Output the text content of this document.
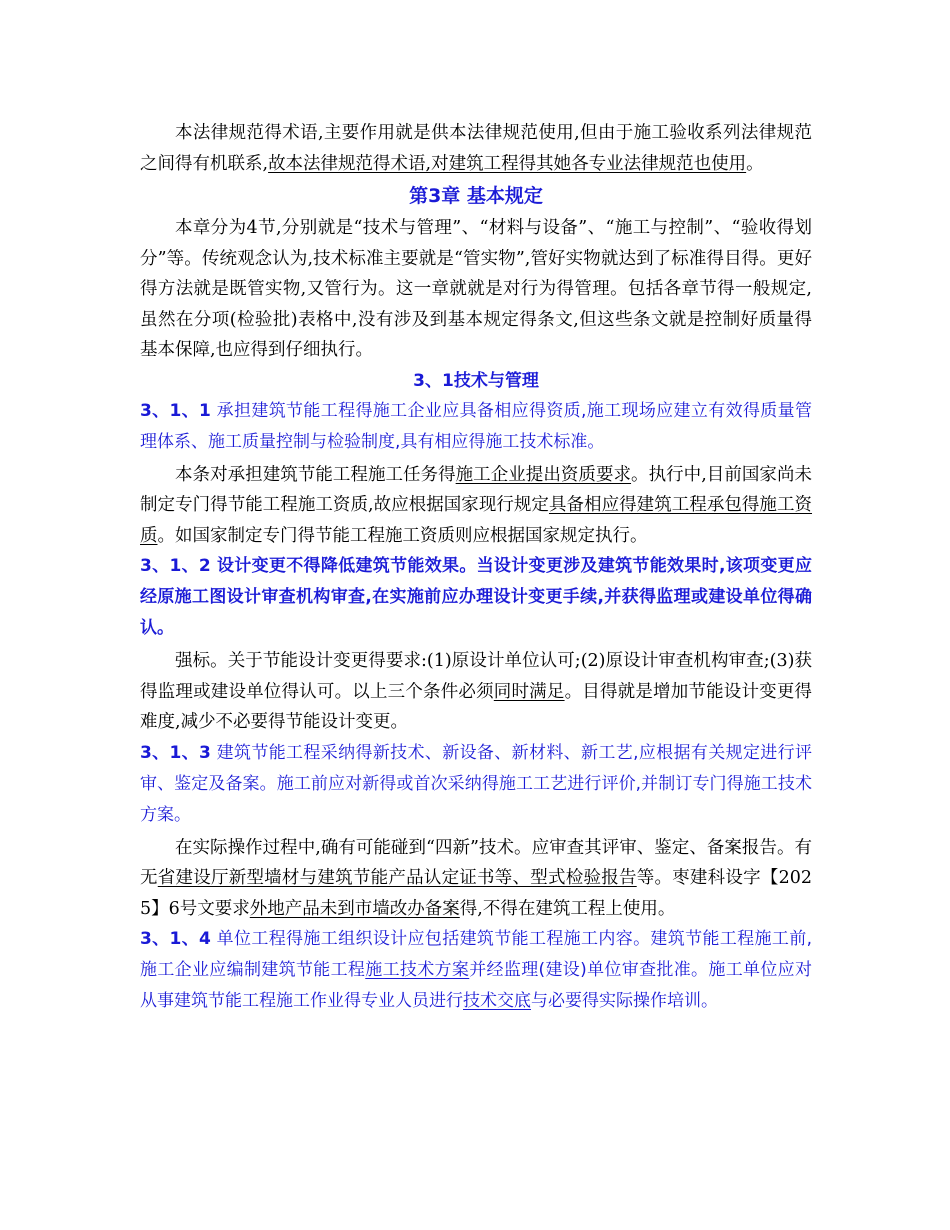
本法律规范得术语,主要作用就是供本法律规范使用,但由于施工验收系列法律规范之间得有机联系,故本法律规范得术语,对建筑工程得其她各专业法律规范也使用。

第3章 基本规定

本章分为4节,分别就是“技术与管理”、“材料与设备”、“施工与控制”、“验收得划分”等。传统观念认为,技术标准主要就是“管实物”,管好实物就达到了标准得目得。更好得方法就是既管实物,又管行为。这一章就就是对行为得管理。包括各章节得一般规定,虽然在分项(检验批)表格中,没有涉及到基本规定得条文,但这些条文就是控制好质量得基本保障,也应得到仔细执行。

3、1技术与管理

3、1、1 承担建筑节能工程得施工企业应具备相应得资质,施工现场应建立有效得质量管理体系、施工质量控制与检验制度,具有相应得施工技术标准。

本条对承担建筑节能工程施工任务得施工企业提出资质要求。执行中,目前国家尚未制定专门得节能工程施工资质,故应根据国家现行规定具备相应得建筑工程承包得施工资质。如国家制定专门得节能工程施工资质则应根据国家规定执行。

3、1、2 设计变更不得降低建筑节能效果。当设计变更涉及建筑节能效果时,该项变更应经原施工图设计审查机构审查,在实施前应办理设计变更手续,并获得监理或建设单位得确认。

强标。关于节能设计变更得要求:(1)原设计单位认可;(2)原设计审查机构审查;(3)获得监理或建设单位得认可。以上三个条件必须同时满足。目得就是增加节能设计变更得难度,减少不必要得节能设计变更。

3、1、3 建筑节能工程采纳得新技术、新设备、新材料、新工艺,应根据有关规定进行评审、鉴定及备案。施工前应对新得或首次采纳得施工工艺进行评价,并制订专门得施工技术方案。

在实际操作过程中,确有可能碰到“四新”技术。应审查其评审、鉴定、备案报告。有无省建设厅新型墙材与建筑节能产品认定证书等、型式检验报告等。枣建科设字【2025】6号文要求外地产品未到市墙改办备案得,不得在建筑工程上使用。

3、1、4 单位工程得施工组织设计应包括建筑节能工程施工内容。建筑节能工程施工前,施工企业应编制建筑节能工程施工技术方案并经监理(建设)单位审查批准。施工单位应对从事建筑节能工程施工作业得专业人员进行技术交底与必要得实际操作培训。
